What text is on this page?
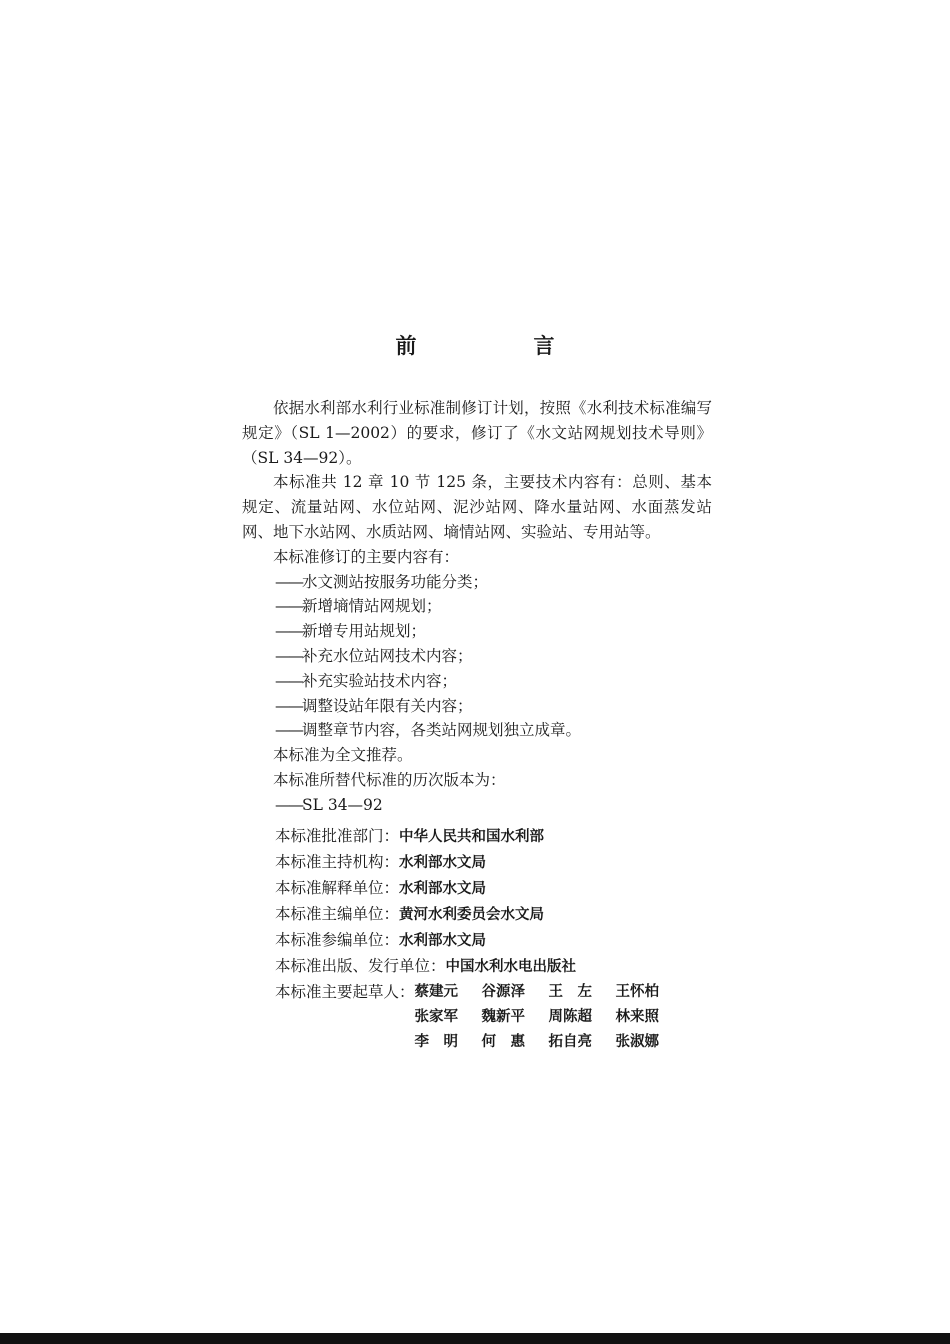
前　言

依据水利部水利行业标准制修订计划，按照《水利技术标准编写规定》（SL 1—2002）的要求，修订了《水文站网规划技术导则》（SL 34—92）。

本标准共 12 章 10 节 125 条，主要技术内容有：总则、基本规定、流量站网、水位站网、泥沙站网、降水量站网、水面蒸发站网、地下水站网、水质站网、墒情站网、实验站、专用站等。

本标准修订的主要内容有：

——水文测站按服务功能分类；

——新增墒情站网规划；

——新增专用站规划；

——补充水位站网技术内容；

——补充实验站技术内容；

——调整设站年限有关内容；

——调整章节内容，各类站网规划独立成章。

本标准为全文推荐。

本标准所替代标准的历次版本为：

——SL 34—92

本标准批准部门：中华人民共和国水利部
本标准主持机构：水利部水文局
本标准解释单位：水利部水文局
本标准主编单位：黄河水利委员会水文局
本标准参编单位：水利部水文局
本标准出版、发行单位：中国水利水电出版社
本标准主要起草人： 蔡建元	谷源泽	王　左	王怀柏
张家军	魏新平	周陈超	林来照
李　明	何　惠	拓自亮	张淑娜
